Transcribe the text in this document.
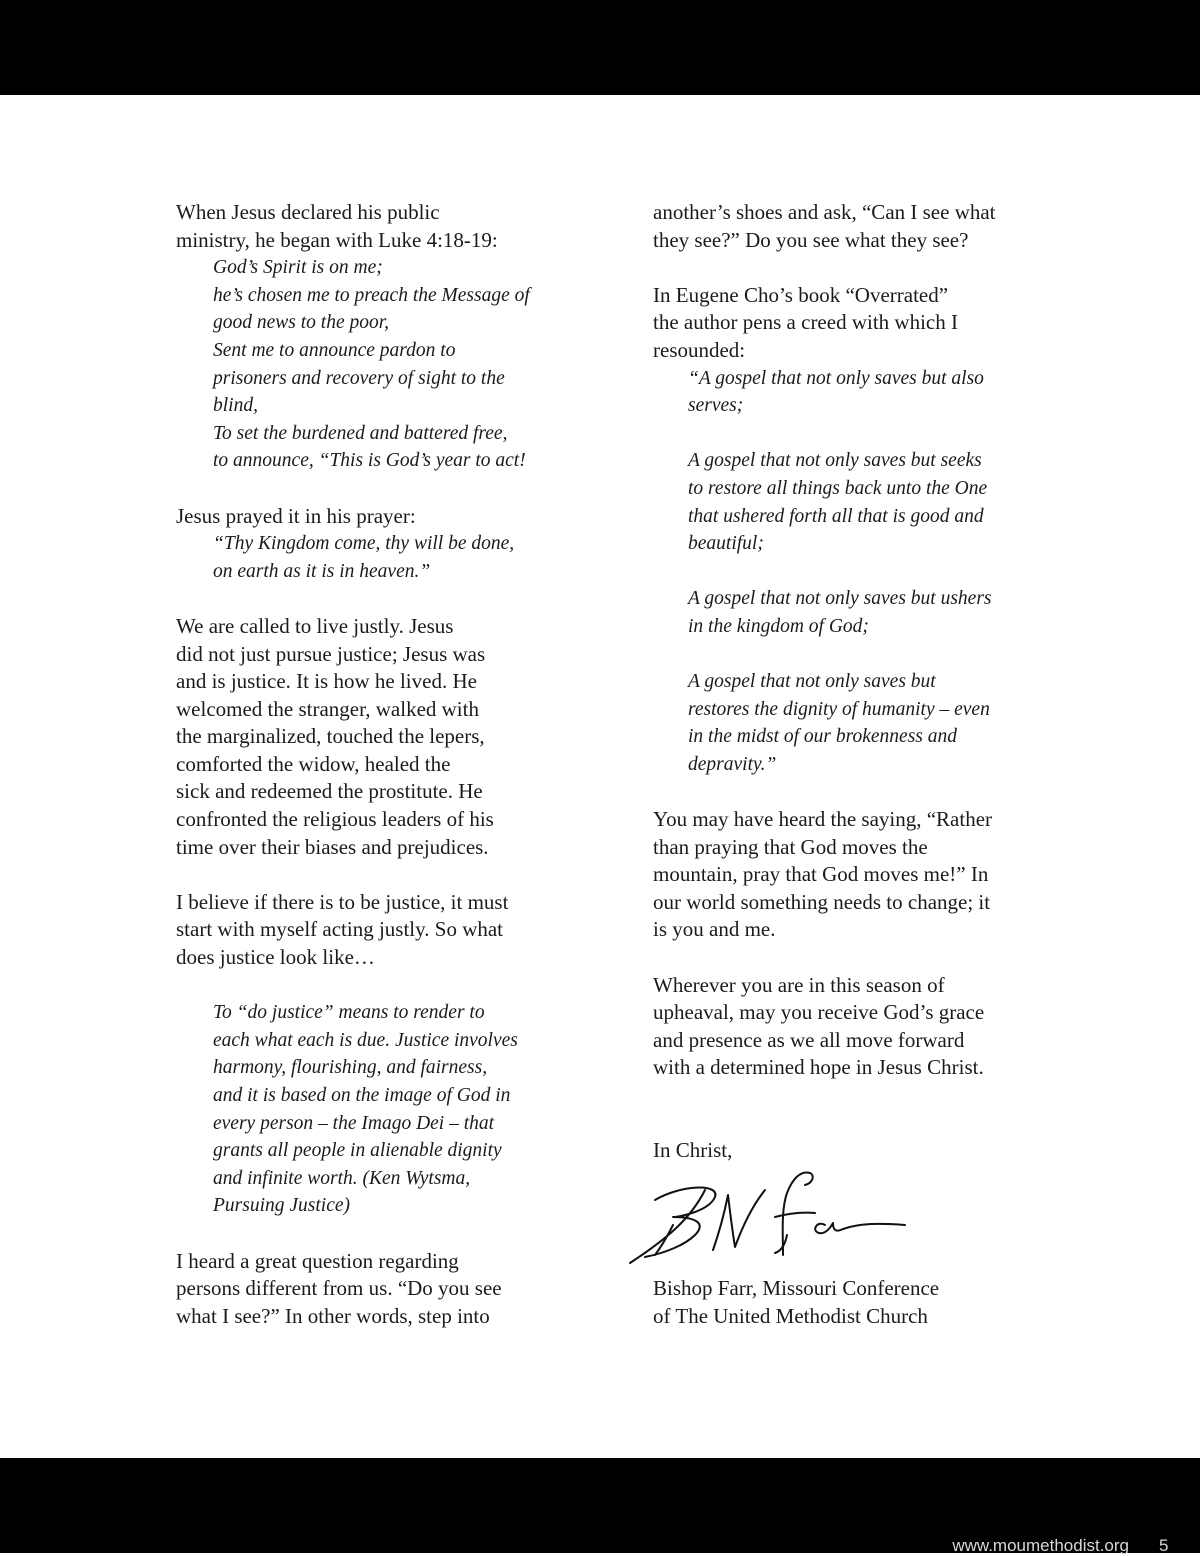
When Jesus declared his public
ministry, he began with Luke 4:18-19:
God’s Spirit is on me;
he’s chosen me to preach the Message of
good news to the poor,
Sent me to announce pardon to
prisoners and recovery of sight to the
blind,
To set the burdened and battered free,
to announce, “This is God’s year to act!
Jesus prayed it in his prayer:
“Thy Kingdom come, thy will be done,
on earth as it is in heaven.”
We are called to live justly. Jesus
did not just pursue justice; Jesus was
and is justice. It is how he lived. He
welcomed the stranger, walked with
the marginalized, touched the lepers,
comforted the widow, healed the
sick and redeemed the prostitute. He
confronted the religious leaders of his
time over their biases and prejudices.
I believe if there is to be justice, it must
start with myself acting justly. So what
does justice look like…
To “do justice” means to render to
each what each is due. Justice involves
harmony, flourishing, and fairness,
and it is based on the image of God in
every person – the Imago Dei – that
grants all people in alienable dignity
and infinite worth. (Ken Wytsma,
Pursuing Justice)
I heard a great question regarding
persons different from us. “Do you see
what I see?” In other words, step into
another’s shoes and ask, “Can I see what
they see?” Do you see what they see?
In Eugene Cho’s book “Overrated”
the author pens a creed with which I
resounded:
“A gospel that not only saves but also
serves;
A gospel that not only saves but seeks
to restore all things back unto the One
that ushered forth all that is good and
beautiful;
A gospel that not only saves but ushers
in the kingdom of God;
A gospel that not only saves but
restores the dignity of humanity – even
in the midst of our brokenness and
depravity.”
You may have heard the saying, “Rather
than praying that God moves the
mountain, pray that God moves me!” In
our world something needs to change; it
is you and me.
Wherever you are in this season of
upheaval, may you receive God’s grace
and presence as we all move forward
with a determined hope in Jesus Christ.
In Christ,
Bishop Farr, Missouri Conference
of The United Methodist Church
www.moumethodist.org 5
